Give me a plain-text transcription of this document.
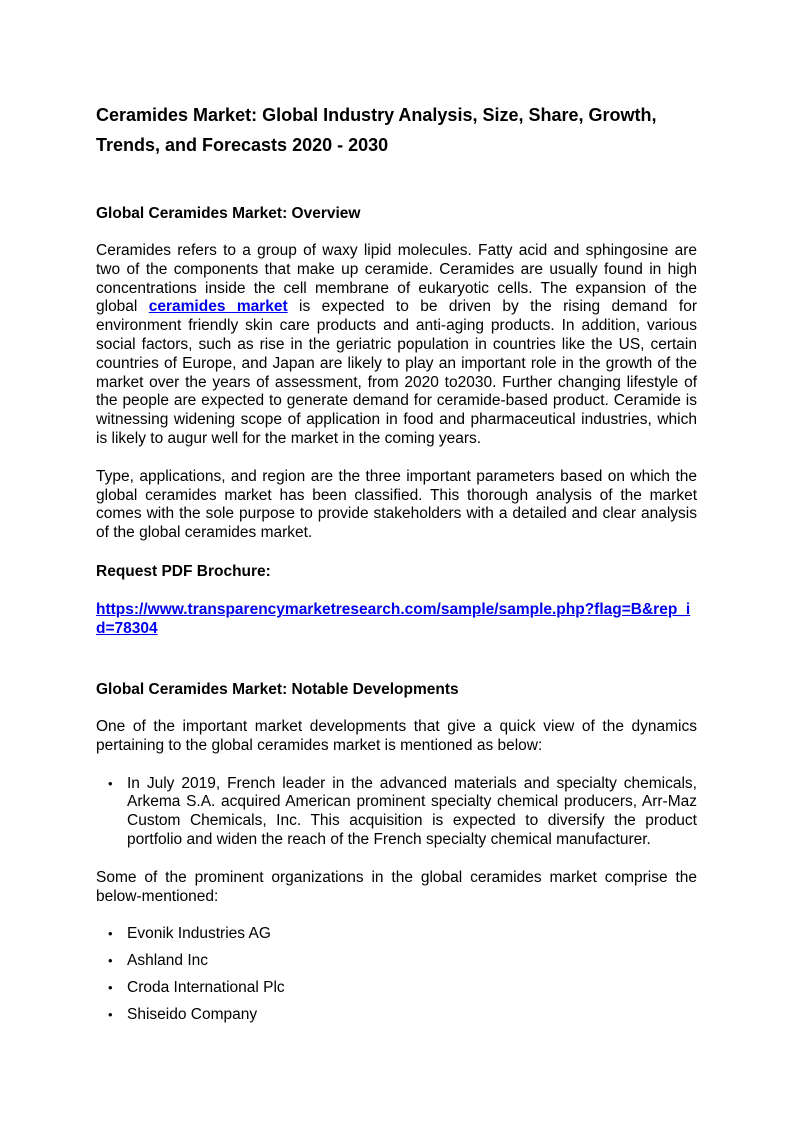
Ceramides Market: Global Industry Analysis, Size, Share, Growth, Trends, and Forecasts 2020 - 2030
Global Ceramides Market: Overview

Ceramides refers to a group of waxy lipid molecules. Fatty acid and sphingosine are two of the components that make up ceramide. Ceramides are usually found in high concentrations inside the cell membrane of eukaryotic cells. The expansion of the global ceramides market is expected to be driven by the rising demand for environment friendly skin care products and anti-aging products. In addition, various social factors, such as rise in the geriatric population in countries like the US, certain countries of Europe, and Japan are likely to play an important role in the growth of the market over the years of assessment, from 2020 to2030. Further changing lifestyle of the people are expected to generate demand for ceramide-based product. Ceramide is witnessing widening scope of application in food and pharmaceutical industries, which is likely to augur well for the market in the coming years.

Type, applications, and region are the three important parameters based on which the global ceramides market has been classified. This thorough analysis of the market comes with the sole purpose to provide stakeholders with a detailed and clear analysis of the global ceramides market.

Request PDF Brochure:

https://www.transparencymarketresearch.com/sample/sample.php?flag=B&rep_id=78304

Global Ceramides Market: Notable Developments

One of the important market developments that give a quick view of the dynamics pertaining to the global ceramides market is mentioned as below:

• In July 2019, French leader in the advanced materials and specialty chemicals, Arkema S.A. acquired American prominent specialty chemical producers, Arr-Maz Custom Chemicals, Inc. This acquisition is expected to diversify the product portfolio and widen the reach of the French specialty chemical manufacturer.

Some of the prominent organizations in the global ceramides market comprise the below-mentioned:

• Evonik Industries AG
• Ashland Inc
• Croda International Plc
• Shiseido Company
